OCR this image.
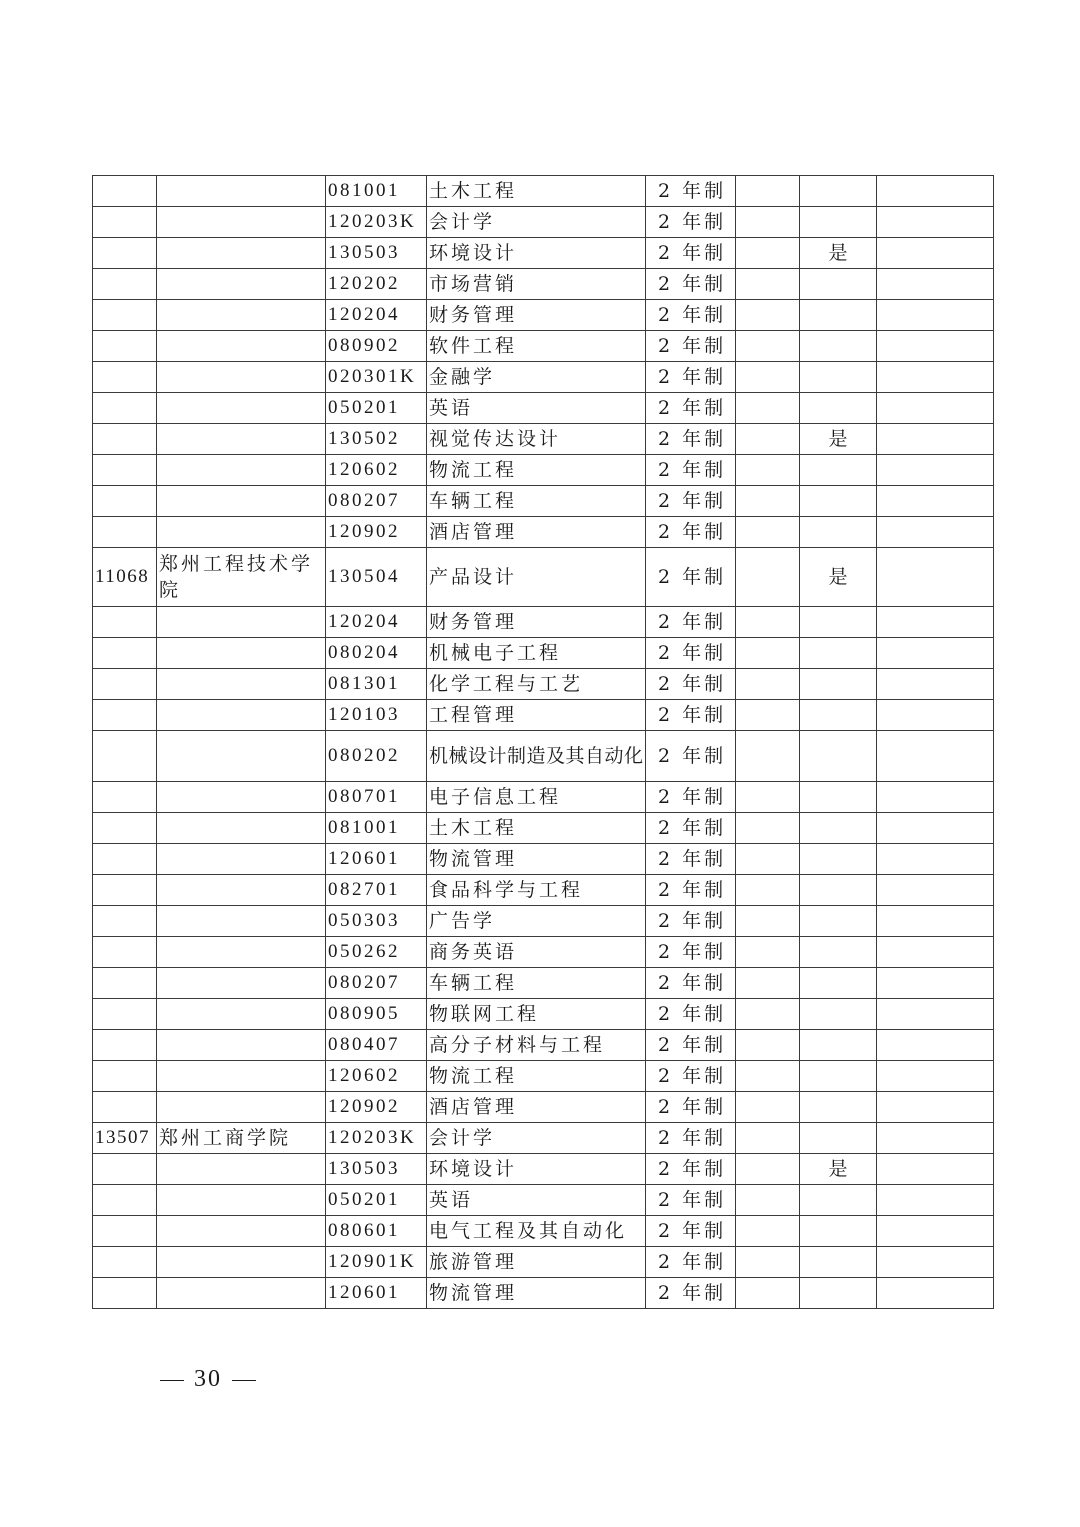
		081001	土木工程	2 年制			
		120203K	会计学	2 年制			
		130503	环境设计	2 年制		是	
		120202	市场营销	2 年制			
		120204	财务管理	2 年制			
		080902	软件工程	2 年制			
		020301K	金融学	2 年制			
		050201	英语	2 年制			
		130502	视觉传达设计	2 年制		是	
		120602	物流工程	2 年制			
		080207	车辆工程	2 年制			
		120902	酒店管理	2 年制			
11068	郑州工程技术学院	130504	产品设计	2 年制		是	
		120204	财务管理	2 年制			
		080204	机械电子工程	2 年制			
		081301	化学工程与工艺	2 年制			
		120103	工程管理	2 年制			
		080202	机械设计制造及其自动化	2 年制			
		080701	电子信息工程	2 年制			
		081001	土木工程	2 年制			
		120601	物流管理	2 年制			
		082701	食品科学与工程	2 年制			
		050303	广告学	2 年制			
		050262	商务英语	2 年制			
		080207	车辆工程	2 年制			
		080905	物联网工程	2 年制			
		080407	高分子材料与工程	2 年制			
		120602	物流工程	2 年制			
		120902	酒店管理	2 年制			
13507	郑州工商学院	120203K	会计学	2 年制			
		130503	环境设计	2 年制		是	
		050201	英语	2 年制			
		080601	电气工程及其自动化	2 年制			
		120901K	旅游管理	2 年制			
		120601	物流管理	2 年制			
30
